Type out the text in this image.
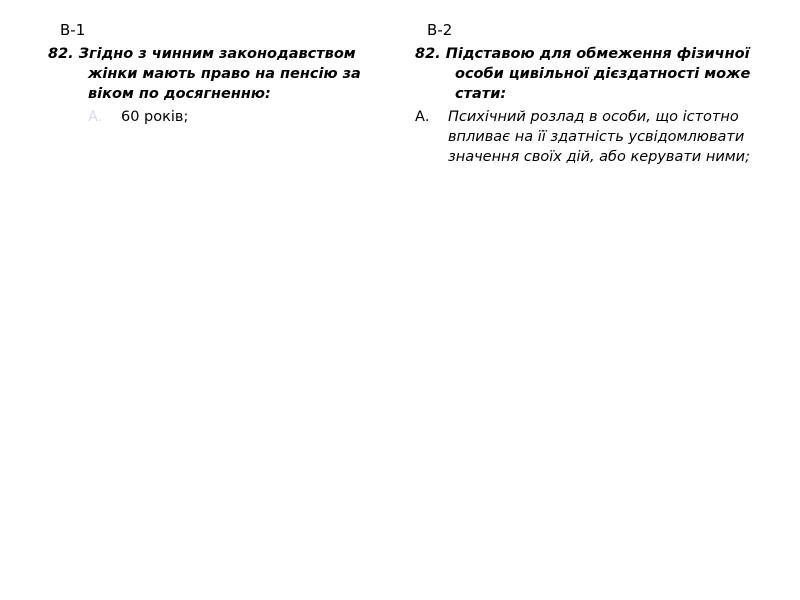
В-1
82. Згідно з чинним законодавством жінки мають право на пенсію за віком по досягненню:
А.	60 років;
В-2
82. Підставою для обмеження фізичної особи цивільної дієздатності може стати:
А.	Психічний розлад в особи, що істотно впливає на її здатність усвідомлювати значення своїх дій, або керувати ними;
